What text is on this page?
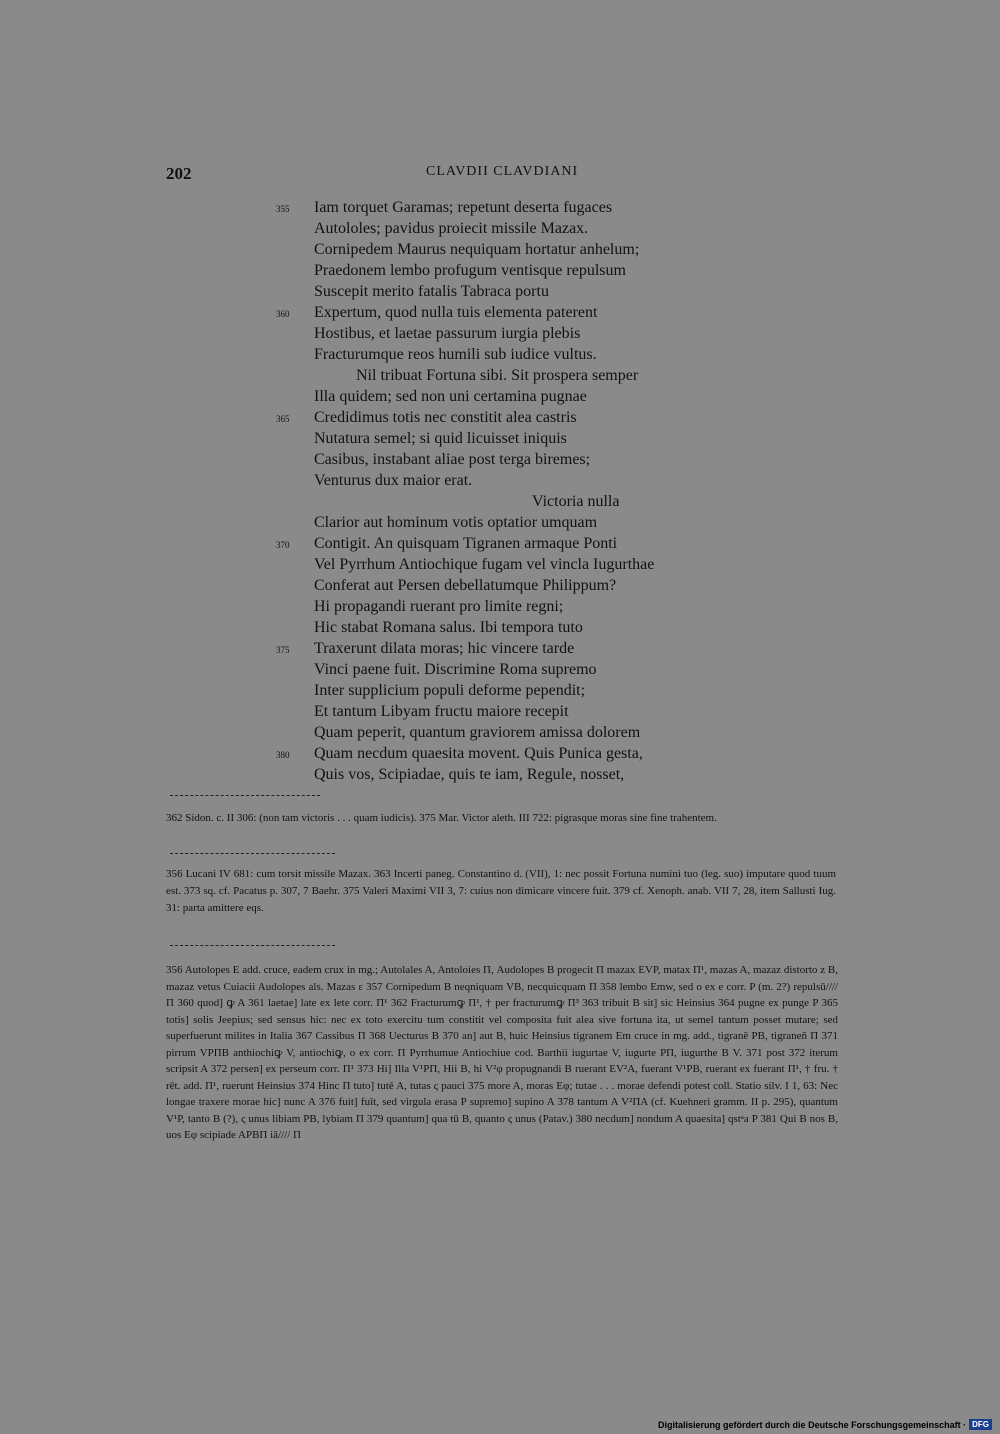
202	CLAVDII CLAVDIANI
355 Iam torquet Garamas; repetunt deserta fugaces
Autololes; pavidus proiecit missile Mazax.
Cornipedem Maurus nequiquam hortatur anhelum;
Praedonem lembo profugum ventisque repulsum
Suscepit merito fatalis Tabraca portu
360 Expertum, quod nulla tuis elementa paterent
Hostibus, et laetae passurum iurgia plebis
Fracturumque reos humili sub iudice vultus.
Nil tribuat Fortuna sibi. Sit prospera semper
Illa quidem; sed non uni certamina pugnae
365 Credidimus totis nec constitit alea castris
Nutatura semel; si quid licuisset iniquis
Casibus, instabant aliae post terga biremes;
Venturus dux maior erat.
Victoria nulla
Clarior aut hominum votis optatior umquam
370 Contigit. An quisquam Tigranen armaque Ponti
Vel Pyrrhum Antiochique fugam vel vincla Iugurthae
Conferat aut Persen debellatumque Philippum?
Hi propagandi ruerant pro limite regni;
Hic stabat Romana salus. Ibi tempora tuto
375 Traxerunt dilata moras; hic vincere tarde
Vinci paene fuit. Discrimine Roma supremo
Inter supplicium populi deforme pependit;
Et tantum Libyam fructu maiore recepit
Quam peperit, quantum graviorem amissa dolorem
380 Quam necdum quaesita movent. Quis Punica gesta,
Quis vos, Scipiadae, quis te iam, Regule, nosset,

362 Sidon. c. II 306: (non tam victoris . . . quam iudicis). 375 Mar. Victor aleth. III 722: pigrasque moras sine fine trahentem.

356 Lucani IV 681: cum torsit missile Mazax. 363 Incerti paneg. Constantino d. (VII), 1: nec possit Fortuna numini tuo (leg. suo) imputare quod tuum est. 373 sq. cf. Pacatus p. 307, 7 Baehr. 375 Valeri Maximi VII 3, 7: cuius non dimicare vincere fuit. 379 cf. Xenoph. anab. VII 7, 28, item Sallusti Iug. 31: parta amittere eqs.

356 Autolopes E add. cruce, eadem crux in mg.; Autolales A, Antoloies Π, Audolopes B progecit Π mazax EVP, matax Π¹, mazas A, mazaz distorto z B, mazaz vetus Cuiacii Audolopes als. Mazas ε 357 Cornipedum B neqniquam VB, necquicquam Π 358 lembo Emw, sed o ex e corr. P (m. 2?) repulsū//// Π 360 quod] ꝙ A 361 laetae] late ex lete corr. Π¹ 362 Fracturumꝙ Π¹, † per fracturumꝙ Π³ 363 tribuit B sit] sic Heinsius 364 pugne ex punge P 365 totis] solis Jeepius; sed sensus hic: nec ex toto exercitu tum constitit vel composita fuit alea sive fortuna ita, ut semel tantum posset mutare; sed superfuerunt milites in Italia 367 Cassibus Π 368 Uecturus B 370 an] aut B, huic Heinsius tigranem Em cruce in mg. add., tigranē PB, tigraneñ Π 371 pirrum VPΠB anthiochiꝙ V, antiochiꝙ, o ex corr. Π Pyrrhumue Antiochiue cod. Barthii iugurtae V, iugurte PΠ, iugurthe B V. 371 post 372 iterum scripsit A 372 persen] ex perseum corr. Π¹ 373 Hi] Illa V¹PΠ, Hii B, hi V²φ propugnandi B ruerant EV²A, fuerant V¹PB, ruerant ex fuerant Π¹, † fru. † rēt. add. Π¹, ruerunt Heinsius 374 Hinc Π tuto] tutē A, tutas ς pauci 375 more A, moras Eφ; tutae . . . morae defendi potest coll. Statio silv. I 1, 63: Nec longae traxere morae hic] nunc A 376 fuit] fuīt, sed virgula erasa P supremo] supino A 378 tantum A V²ΠA (cf. Kuehneri gramm. II p. 295), quantum V¹P, tanto B (?), ς unus libiam PB, lybiam Π 379 quantum] qua tū B, quanto ς unus (Patav.) 380 necdum] nondum A quaesita] qstᵃa P 381 Qui B nos B, uos Eφ scipiade APBΠ iā//// Π

Digitalisierung gefördert durch die Deutsche Forschungsgemeinschaft · DFG
